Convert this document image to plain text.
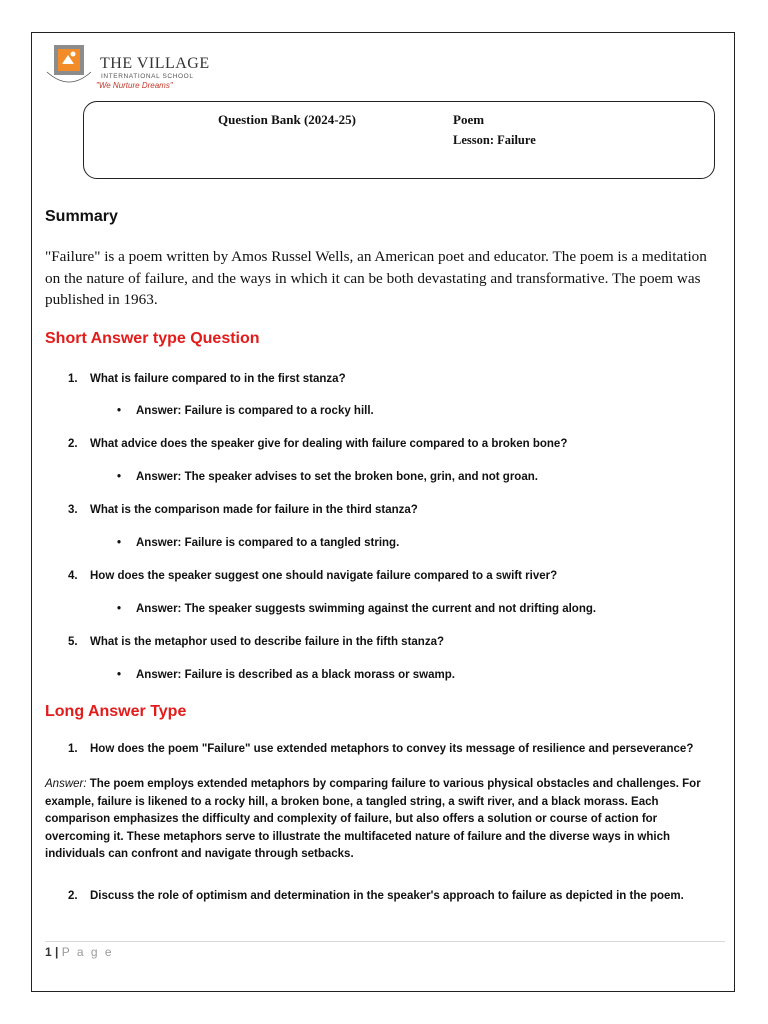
THE VILLAGE
INTERNATIONAL SCHOOL
"We Nurture Dreams"
Question Bank (2024-25)	Poem
Lesson: Failure
Summary
"Failure" is a poem written by Amos Russel Wells, an American poet and educator. The poem is a meditation on the nature of failure, and the ways in which it can be both devastating and transformative. The poem was published in 1963.
Short Answer type Question
1. What is failure compared to in the first stanza?
• Answer: Failure is compared to a rocky hill.
2. What advice does the speaker give for dealing with failure compared to a broken bone?
• Answer: The speaker advises to set the broken bone, grin, and not groan.
3. What is the comparison made for failure in the third stanza?
• Answer: Failure is compared to a tangled string.
4. How does the speaker suggest one should navigate failure compared to a swift river?
• Answer: The speaker suggests swimming against the current and not drifting along.
5. What is the metaphor used to describe failure in the fifth stanza?
• Answer: Failure is described as a black morass or swamp.
Long Answer Type
1. How does the poem "Failure" use extended metaphors to convey its message of resilience and perseverance?
Answer: The poem employs extended metaphors by comparing failure to various physical obstacles and challenges. For example, failure is likened to a rocky hill, a broken bone, a tangled string, a swift river, and a black morass. Each comparison emphasizes the difficulty and complexity of failure, but also offers a solution or course of action for overcoming it. These metaphors serve to illustrate the multifaceted nature of failure and the diverse ways in which individuals can confront and navigate through setbacks.
2. Discuss the role of optimism and determination in the speaker's approach to failure as depicted in the poem.
1 | P a g e
